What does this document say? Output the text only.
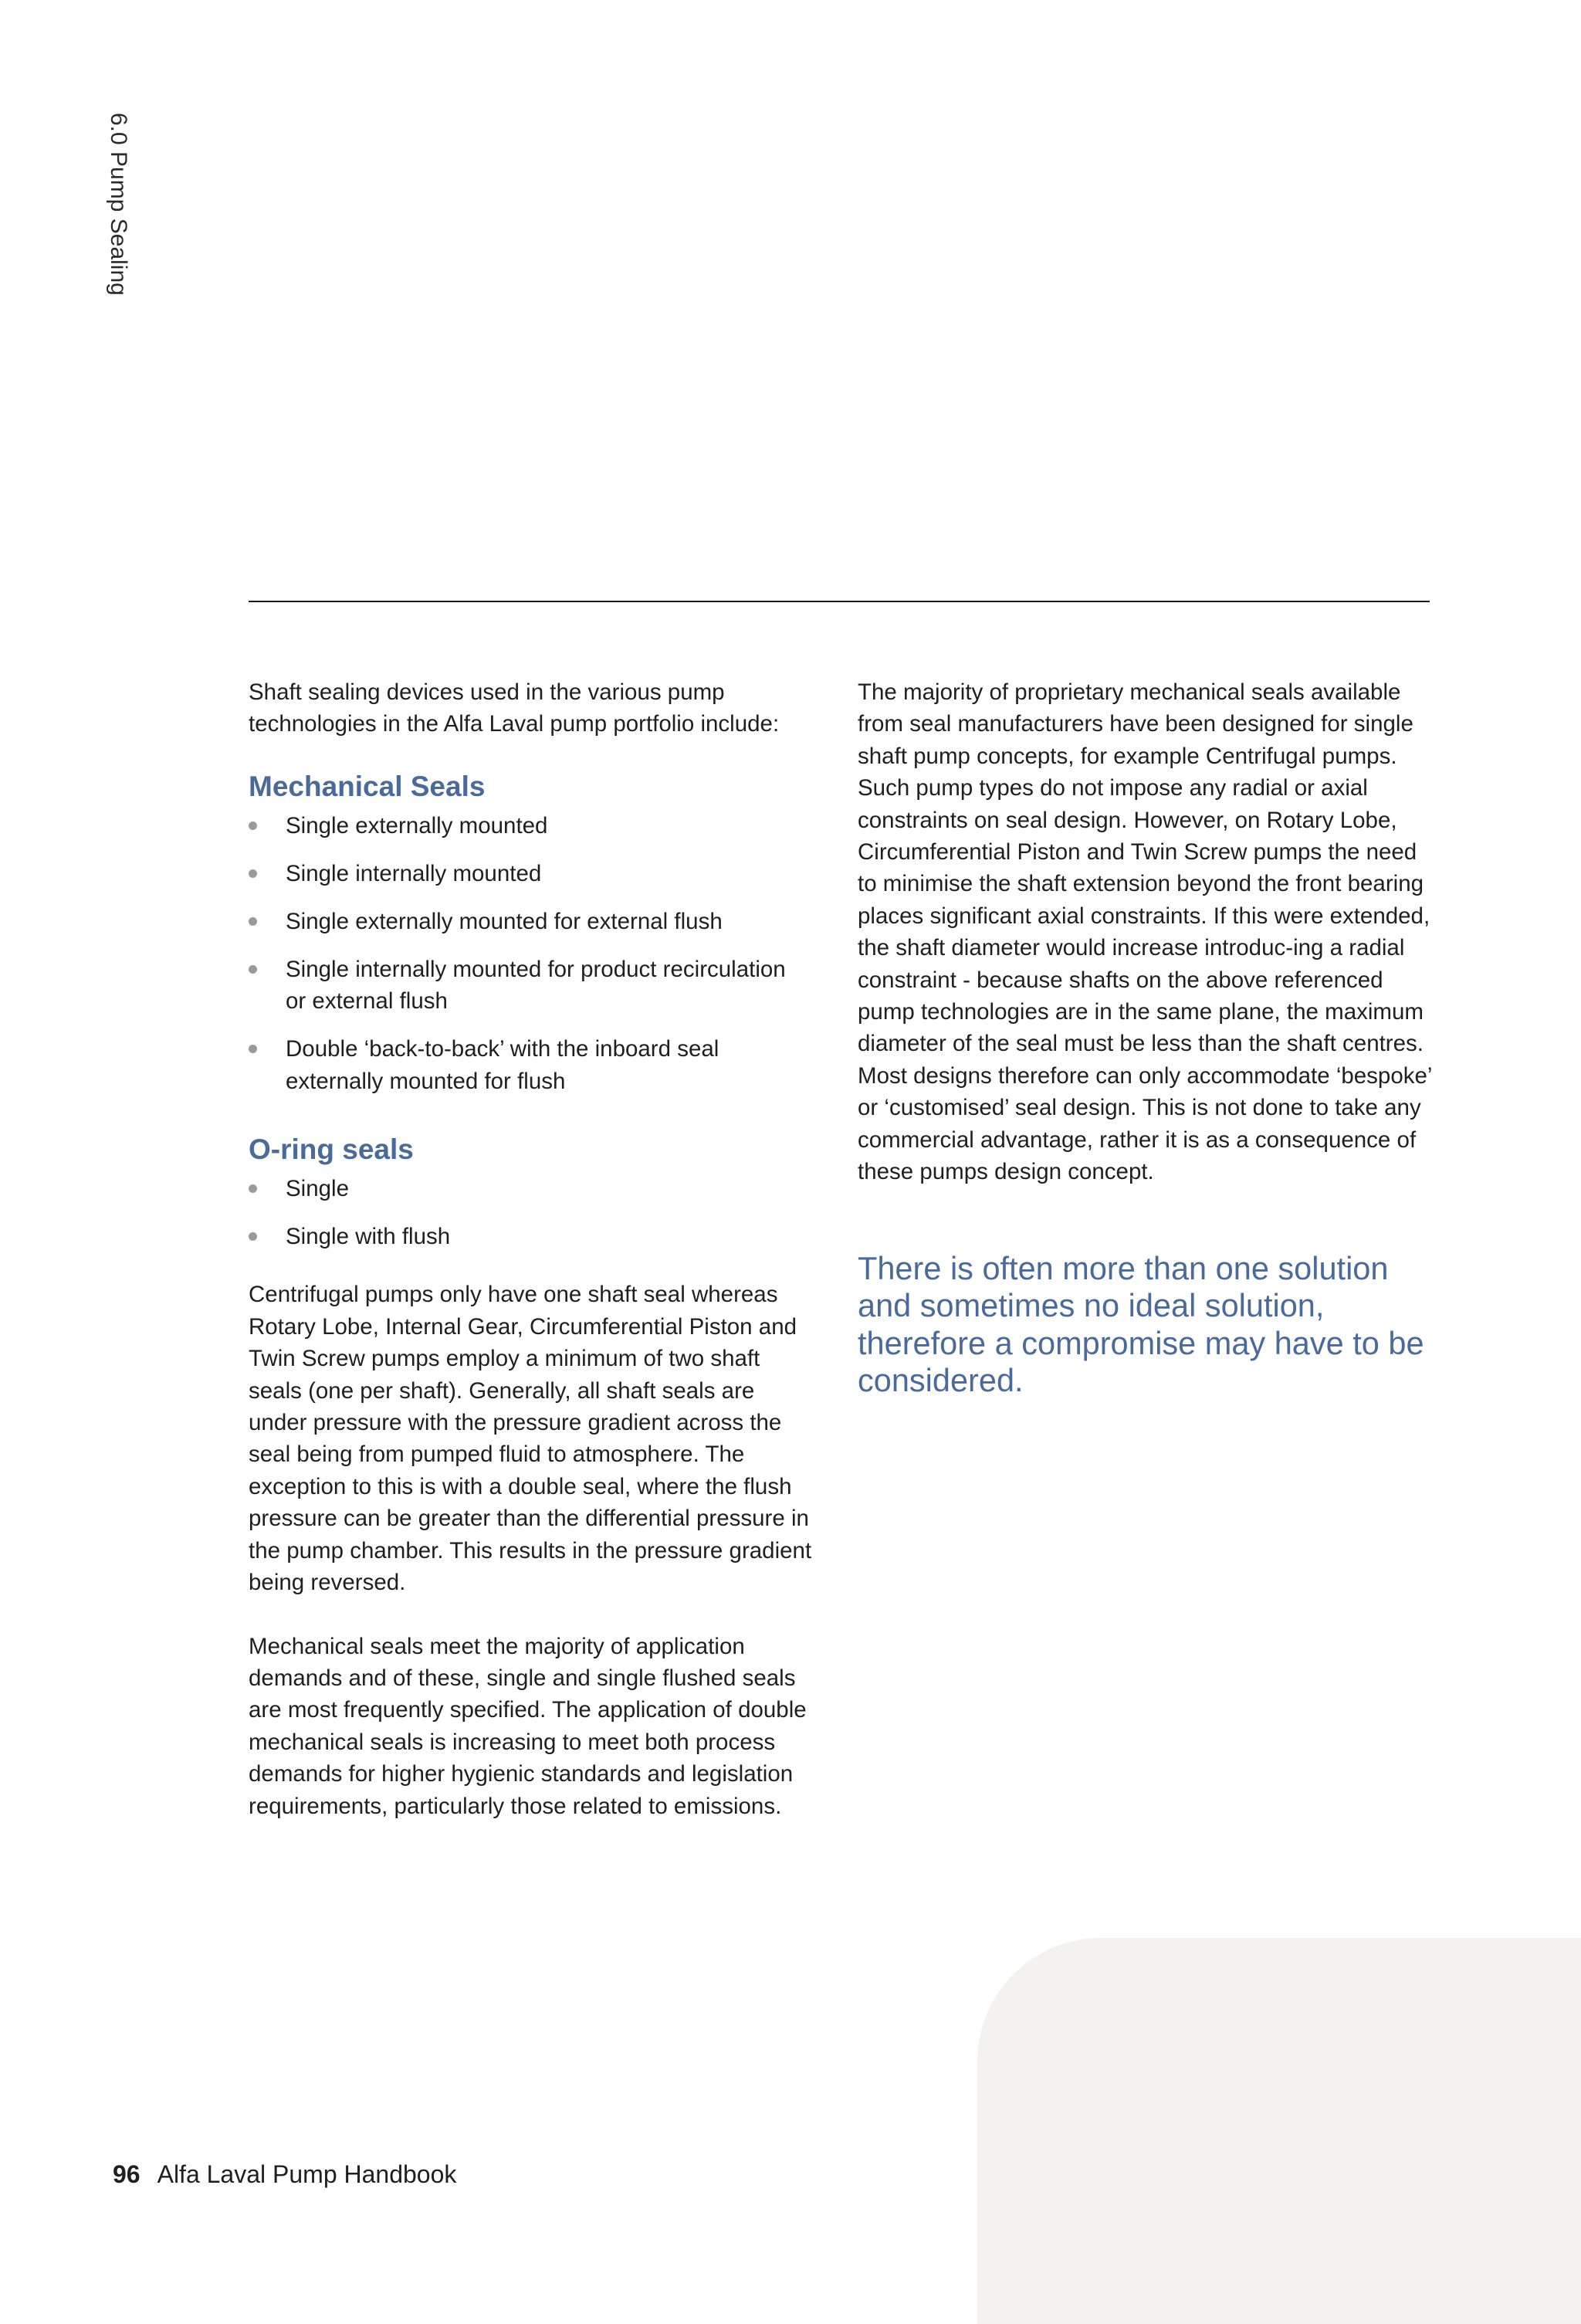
6.0 Pump Sealing

Shaft sealing devices used in the various pump technologies in the Alfa Laval pump portfolio include:

Mechanical Seals
Single externally mounted
Single internally mounted
Single externally mounted for external flush
Single internally mounted for product recirculation or external flush
Double ‘back-to-back’ with the inboard seal externally mounted for flush
O-ring seals
Single
Single with flush

Centrifugal pumps only have one shaft seal whereas Rotary Lobe, Internal Gear, Circumferential Piston and Twin Screw pumps employ a minimum of two shaft seals (one per shaft). Generally, all shaft seals are under pressure with the pressure gradient across the seal being from pumped fluid to atmosphere. The exception to this is with a double seal, where the flush pressure can be greater than the differential pressure in the pump chamber. This results in the pressure gradient being reversed.

Mechanical seals meet the majority of application demands and of these, single and single flushed seals are most frequently specified. The application of double mechanical seals is increasing to meet both process demands for higher hygienic standards and legislation requirements, particularly those related to emissions.

The majority of proprietary mechanical seals available from seal manufacturers have been designed for single shaft pump concepts, for example Centrifugal pumps. Such pump types do not impose any radial or axial constraints on seal design. However, on Rotary Lobe, Circumferential Piston and Twin Screw pumps the need to minimise the shaft extension beyond the front bearing places significant axial constraints. If this were extended, the shaft diameter would increase introduc-ing a radial constraint - because shafts on the above referenced pump technologies are in the same plane, the maximum diameter of the seal must be less than the shaft centres. Most designs therefore can only accommodate ‘bespoke’ or ‘customised’ seal design. This is not done to take any commercial advantage, rather it is as a consequence of these pumps design concept.

There is often more than one solution and sometimes no ideal solution, therefore a compromise may have to be considered.

96 Alfa Laval Pump Handbook
